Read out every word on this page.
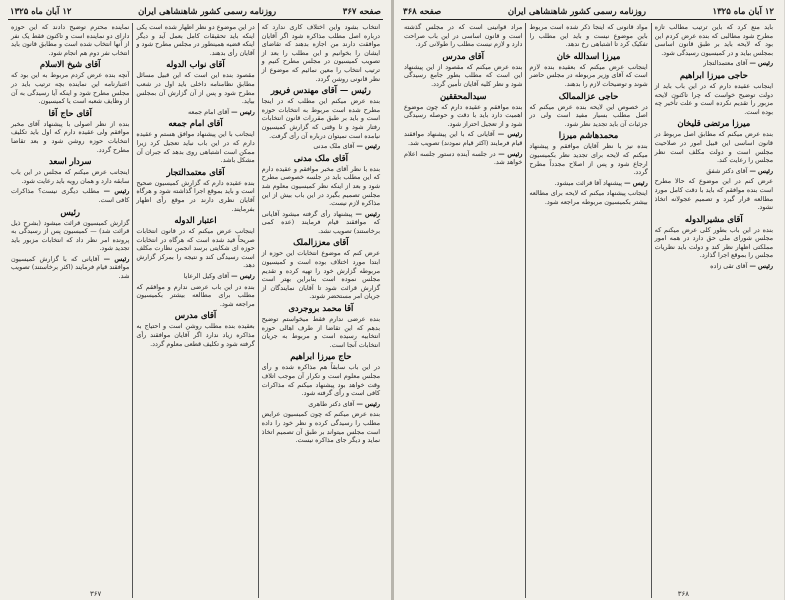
صفحه ۳۶۷
روزنامه رسمی کشور شاهنشاهی ایران
۱۲ آبان ماه ۱۳۲۵

انتخاب بشود واین اختلاف کاری ندارد که درباره اصل مطلب مذاکره شود اگر آقایان موافقت دارند من اجازه بدهند که تقاضای ایشان را بخوانیم و این مطلب را بعد از تصویب کمیسیون در مجلس مطرح کنیم و ترتیب انتخاب را معین نمائیم که موضوع از نظر قانونی روشن گردد.

رئیس — آقای مهندس فریور

بنده عرض میکنم این مطلب که در اینجا مطرح شده است مربوط به انتخابات حوزه است و باید بر طبق مقررات قانون انتخابات رفتار شود و تا وقتی که گزارش کمیسیون نیامده است نمیتوان درباره آن رأی گرفت.

رئیس — آقای ملک مدنی

آقای ملک مدنی

بنده با نظر آقای مخبر موافقم و عقیده دارم که این مطلب باید در جلسه خصوصی مطرح شود و بعد از اینکه نظر کمیسیون معلوم شد مجلس تصمیم بگیرد در این باب بیش از این مذاکره لازم نیست.

رئیس — پیشنهاد رأی گرفته میشود آقایانی که موافقند قیام فرمایند (عده کمی برخاستند) تصویب نشد.

آقای معززالملک

عرض کنم که موضوع انتخابات این حوزه از ابتدا مورد اختلاف بوده است و کمیسیون مربوطه گزارش خود را تهیه کرده و تقدیم مجلس نموده است بنابراین بهتر است گزارش قرائت شود تا آقایان نمایندگان از جریان امر مستحضر شوند.

آقا محمد بروجردی

بنده عرضی ندارم فقط میخواستم توضیح بدهم که این تقاضا از طرف اهالی حوزه انتخابیه رسیده است و مربوط به جریان انتخابات آنجا است.

حاج میرزا ابراهیم

در این باب سابقاً هم مذاکره شده و رأی مجلس معلوم است و تکرار آن موجب اتلاف وقت خواهد بود پیشنهاد میکنم که مذاکرات کافی است و رأی گرفته شود.

رئیس — آقای دکتر طاهری

بنده عرض میکنم که چون کمیسیون عرایض مطلب را رسیدگی کرده و نظر خود را داده است مجلس میتواند بر طبق آن تصمیم اتخاذ نماید و دیگر جای مذاکره نیست.

در این موضوع دو نظر اظهار شده است یکی اینکه باید تحقیقات کامل بعمل آید و دیگر اینکه قضیه همینطور در مجلس مطرح شود و آقایان رأی بدهند.

آقای نواب الدوله

مقصود بنده این است که این قبیل مسائل مطابق نظامنامه داخلی باید اول در شعب مطرح شود و پس از آن گزارش آن بمجلس بیاید.

رئیس — آقای امام جمعه

آقای امام جمعه

اینجانب با این پیشنهاد موافق هستم و عقیده دارم که در این باب نباید تعجیل کرد زیرا ممکن است اشتباهی روی بدهد که جبران آن مشکل باشد.

آقای معتمدالتجار

بنده عقیده دارم که گزارش کمیسیون صحیح است و باید بموقع اجرا گذاشته شود و هرگاه آقایان نظری دارند در موقع رأی اظهار بفرمایند.

اعتبار الدوله

اینجانب عرض میکنم که در قانون انتخابات صریحاً قید شده است که هرگاه در انتخابات حوزه ای شکایتی برسد انجمن نظارت مکلف است رسیدگی کند و نتیجه را بمرکز گزارش دهد.

رئیس — آقای وکیل الرعایا

بنده در این باب عرضی ندارم و موافقم که مطلب برای مطالعه بیشتر بکمیسیون مراجعه شود.

آقای مدرس

بعقیده بنده مطلب روشن است و احتیاج به مذاکره زیاد ندارد اگر آقایان موافقند رأی گرفته شود و تکلیف قطعی معلوم گردد.

نماینده محترم توضیح دادند که این حوزه دارای دو نماینده است و تاکنون فقط یک نفر از آنها انتخاب شده است و مطابق قانون باید انتخاب نفر دوم هم انجام شود.

آقای شیخ الاسلام

آنچه بنده عرض کردم مربوط به این بود که اعتبارنامه این نماینده بچه ترتیب باید در مجلس مطرح شود و اینکه آیا رسیدگی به آن از وظایف شعبه است یا کمیسیون.

آقای حاج آقا

بنده از نظر اصولی با پیشنهاد آقای مخبر موافقم ولی عقیده دارم که اول باید تکلیف انتخابات حوزه روشن شود و بعد تقاضا مطرح گردد.

سردار اسعد

اینجانب عرض میکنم که مجلس در این باب سابقه دارد و همان رویه باید رعایت شود.

رئیس — مطلب دیگری نیست؟ مذاکرات کافی است.

رئیس

گزارش کمیسیون قرائت میشود (بشرح ذیل قرائت شد) — کمیسیون پس از رسیدگی به پرونده امر نظر داد که انتخابات مزبور باید تجدید شود.

رئیس — آقایانی که با گزارش کمیسیون موافقند قیام فرمایند (اکثر برخاستند) تصویب شد.

۳۶۷
۱۲ آبان ماه ۱۳۲۵
روزنامه رسمی کشور شاهنشاهی ایران
صفحه ۳۶۸

باید منع کرد که باین ترتیب مطالب تازه مطرح شود مطالبی که بنده عرض کردم این بود که لایحه باید بر طبق قانون اساسی بمجلس بیاید و در کمیسیون رسیدگی شود.

رئیس — آقای معتمدالتجار

حاجی میرزا ابراهیم

اینجانب عقیده دارم که در این باب باید از دولت توضیح خواست که چرا تاکنون لایحه مزبور را تقدیم نکرده است و علت تأخیر چه بوده است.

میرزا مرتضی قلیخان

بنده عرض میکنم که مطابق اصل مربوط در قانون اساسی این قبیل امور در صلاحیت مجلس است و دولت مکلف است نظر مجلس را رعایت کند.

رئیس — آقای دکتر شفق

عرض کنم در این موضوع که حالا مطرح است بنده موافقم که باید با دقت کامل مورد مطالعه قرار گیرد و تصمیم عجولانه اتخاذ نشود.

آقای مشیرالدوله

بنده در این باب بطور کلی عرض میکنم که مجلس شورای ملی حق دارد در همه امور مملکتی اظهار نظر کند و دولت باید نظریات مجلس را بموقع اجرا گذارد.

رئیس — آقای تقی زاده

مواد قانونی که اینجا ذکر شده است مربوط باین موضوع نیست و باید این مطلب را تفکیک کرد تا اشتباهی رخ ندهد.

میرزا اسدالله خان

اینجانب عرض میکنم که بعقیده بنده لازم است که آقای وزیر مربوطه در مجلس حاضر شوند و توضیحات لازم را بدهند.

حاجی عزالممالک

در خصوص این لایحه بنده عرض میکنم که اصل مطلب بسیار مفید است ولی در جزئیات آن باید تجدید نظر شود.

محمدهاشم میرزا

بنده نیز با نظر آقایان موافقم و پیشنهاد میکنم که لایحه برای تجدید نظر بکمیسیون ارجاع شود و پس از اصلاح مجدداً مطرح گردد.

رئیس — پیشنهاد آقا قرائت میشود.

اینجانب پیشنهاد میکنم که لایحه برای مطالعه بیشتر بکمیسیون مربوطه مراجعه شود.

مراد قوانینی است که در مجلس گذشته است و قانون اساسی در این باب صراحت دارد و لازم نیست مطلب را طولانی کرد.

آقای مدرس

بنده عرض میکنم که مقصود از این پیشنهاد این است که مطلب بطور جامع رسیدگی شود و نظر کلیه آقایان تأمین گردد.

سیدالمحققین

بنده موافقم و عقیده دارم که چون موضوع اهمیت دارد باید با دقت و حوصله رسیدگی شود و از تعجیل احتراز شود.

رئیس — آقایانی که با این پیشنهاد موافقند قیام فرمایند (اکثر قیام نمودند) تصویب شد.

رئیس — در جلسه آینده دستور جلسه اعلام خواهد شد.

۳۶۸
